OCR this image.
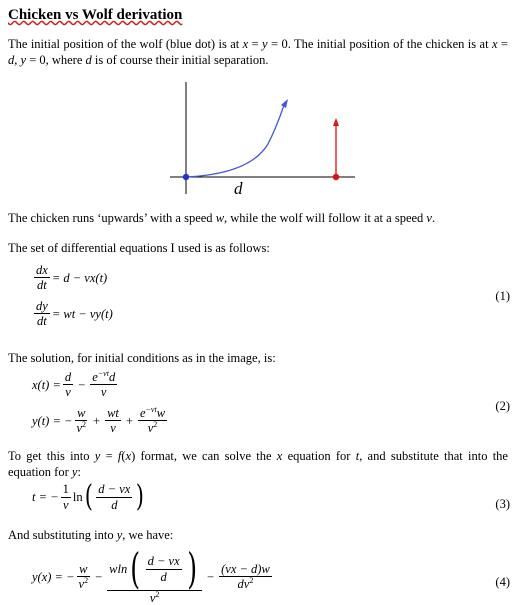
Chicken vs Wolf derivation
The initial position of the wolf (blue dot) is at x = y = 0. The initial position of the chicken is at x = d, y = 0, where d is of course their initial separation.
d
The chicken runs ‘upwards’ with a speed w, while the wolf will follow it at a speed v.
The set of differential equations I used is as follows:
$\frac{dx}{dt} = d - vx(t)$
$\frac{dy}{dt}$ = wt − vy(t)
(1)
The solution, for initial conditions as in the image, is:
$x(t) = \frac{d}{v} - \frac{e^{-vt}d}{v}$
y(t) = − $\frac{w}{v^2} + \frac{wt}{v} + \frac{e^{-vt}w}{v^2}$	(2)
To get this into y = f(x) format, we can solve the x equation for t, and substitute that into the equation for y:
t = − $\frac{1}{v}$ ln ( $\frac{d - vx}{d}$ )	(3)
And substituting into y, we have:
y(x) = − $\frac{w}{v^2} - \frac{wln ( \frac{d - vx}{d} )}{v^2} - \frac{(vx - d)w}{dv^2}$	(4)
